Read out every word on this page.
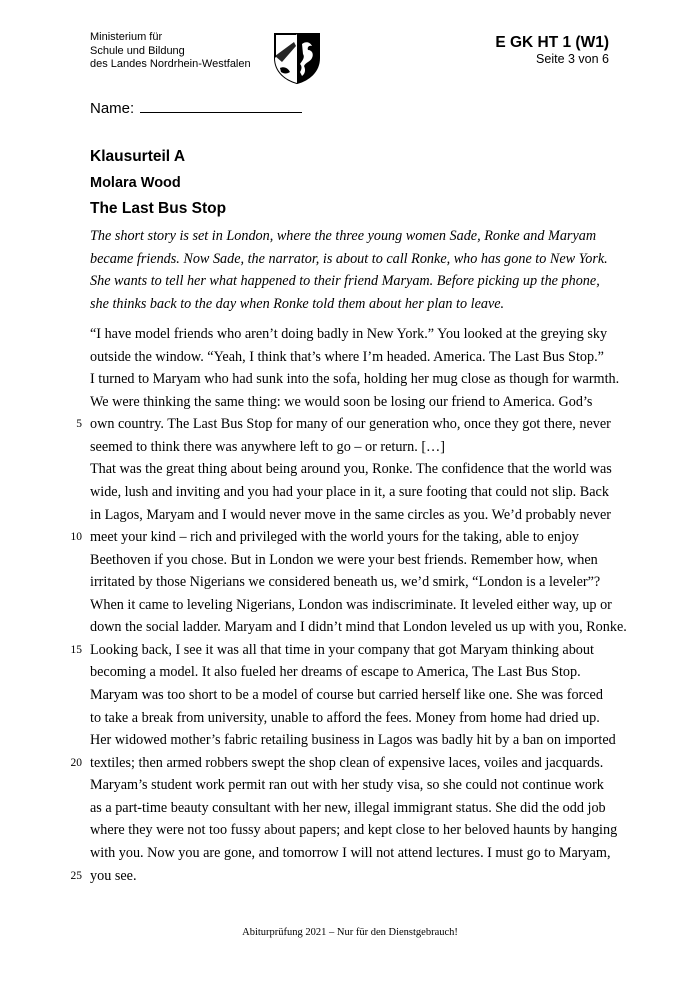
Ministerium für
Schule und Bildung
des Landes Nordrhein-Westfalen
E GK HT 1 (W1)
Seite 3 von 6
Name:
Klausurteil A
Molara Wood
The Last Bus Stop
The short story is set in London, where the three young women Sade, Ronke and Maryam
became friends. Now Sade, the narrator, is about to call Ronke, who has gone to New York.
She wants to tell her what happened to their friend Maryam. Before picking up the phone,
she thinks back to the day when Ronke told them about her plan to leave.
“I have model friends who aren’t doing badly in New York.” You looked at the greying sky
outside the window. “Yeah, I think that’s where I’m headed. America. The Last Bus Stop.”
I turned to Maryam who had sunk into the sofa, holding her mug close as though for warmth.
We were thinking the same thing: we would soon be losing our friend to America. God’s
5 own country. The Last Bus Stop for many of our generation who, once they got there, never
seemed to think there was anywhere left to go – or return. […]
That was the great thing about being around you, Ronke. The confidence that the world was
wide, lush and inviting and you had your place in it, a sure footing that could not slip. Back
in Lagos, Maryam and I would never move in the same circles as you. We’d probably never
10 meet your kind – rich and privileged with the world yours for the taking, able to enjoy
Beethoven if you chose. But in London we were your best friends. Remember how, when
irritated by those Nigerians we considered beneath us, we’d smirk, “London is a leveler”?
When it came to leveling Nigerians, London was indiscriminate. It leveled either way, up or
down the social ladder. Maryam and I didn’t mind that London leveled us up with you, Ronke.
15 Looking back, I see it was all that time in your company that got Maryam thinking about
becoming a model. It also fueled her dreams of escape to America, The Last Bus Stop.
Maryam was too short to be a model of course but carried herself like one. She was forced
to take a break from university, unable to afford the fees. Money from home had dried up.
Her widowed mother’s fabric retailing business in Lagos was badly hit by a ban on imported
20 textiles; then armed robbers swept the shop clean of expensive laces, voiles and jacquards.
Maryam’s student work permit ran out with her study visa, so she could not continue work
as a part-time beauty consultant with her new, illegal immigrant status. She did the odd job
where they were not too fussy about papers; and kept close to her beloved haunts by hanging
with you. Now you are gone, and tomorrow I will not attend lectures. I must go to Maryam,
25 you see.
Abiturprüfung 2021 – Nur für den Dienstgebrauch!
